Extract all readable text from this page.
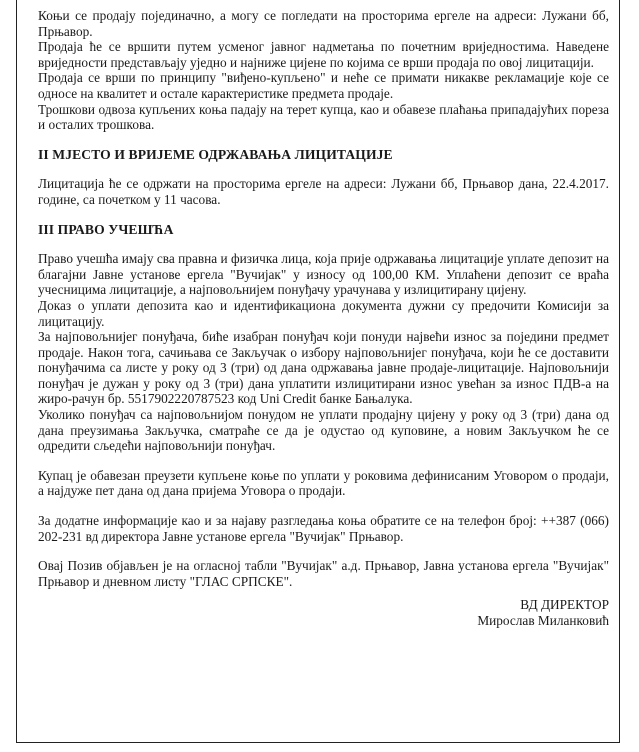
Коњи се продају појединачно, а могу се погледати на просторима ергеле на адреси: Лужани бб, Прњавор.

Продаја ће се вршити путем усменог јавног надметања по почетним вриједностима. Наведене вриједности представљају уједно и најниже цијене по којима се врши продаја по овој лицитацији.

Продаја се врши по принципу "виђено-купљено" и неће се примати никакве рекламације које се односе на квалитет и остале карактеристике предмета продаје.

Трошкови одвоза купљених коња падају на терет купца, као и обавезе плаћања припадајућих пореза и осталих трошкова.

II МЈЕСТО И ВРИЈЕМЕ ОДРЖАВАЊА ЛИЦИТАЦИЈЕ

Лицитација ће се одржати на просторима ергеле на адреси: Лужани бб, Прњавор дана, 22.4.2017. године, са почетком у 11 часова.

III ПРАВО УЧЕШЋА

Право учешћа имају сва правна и физичка лица, која прије одржавања лицитације уплате депозит на благајни Јавне установе ергела "Вучијак" у износу од 100,00 КМ. Уплаћени депозит се враћа учесницима лицитације, а најповољнијем понуђачу урачунава у излицитирану цијену.

Доказ о уплати депозита као и идентификациона документа дужни су предочити Комисији за лицитацију.

За најповољнијег понуђача, биће изабран понуђач који понуди највећи износ за поједини предмет продаје. Након тога, сачињава се Закључак о избору најповољнијег понуђача, који ће се доставити понуђачима са листе у року од 3 (три) од дана одржавања јавне продаје-лицитације. Најповољнији понуђач је дужан у року од 3 (три) дана уплатити излицитирани износ увећан за износ ПДВ-а на жиро-рачун бр. 5517902220787523 код Uni Credit банке Бањалука.

Уколико понуђач са најповољнијом понудом не уплати продајну цијену у року од 3 (три) дана од дана преузимања Закључка, сматраће се да је одустао од куповине, а новим Закључком ће се одредити сљедећи најповољнији понуђач.

Купац је обавезан преузети купљене коње по уплати у роковима дефинисаним Уговором о продаји, а најдуже пет дана од дана пријема Уговора о продаји.

За додатне информације као и за најаву разгледања коња обратите се на телефон број: ++387 (066) 202-231 вд директора Јавне установе ергела "Вучијак" Прњавор.

Овај Позив објављен је на огласној табли "Вучијак" а.д. Прњавор, Јавна установа ергела "Вучијак" Прњавор и дневном листу "ГЛАС СРПСКЕ".

ВД ДИРЕКТОР

Мирослав Миланковић
